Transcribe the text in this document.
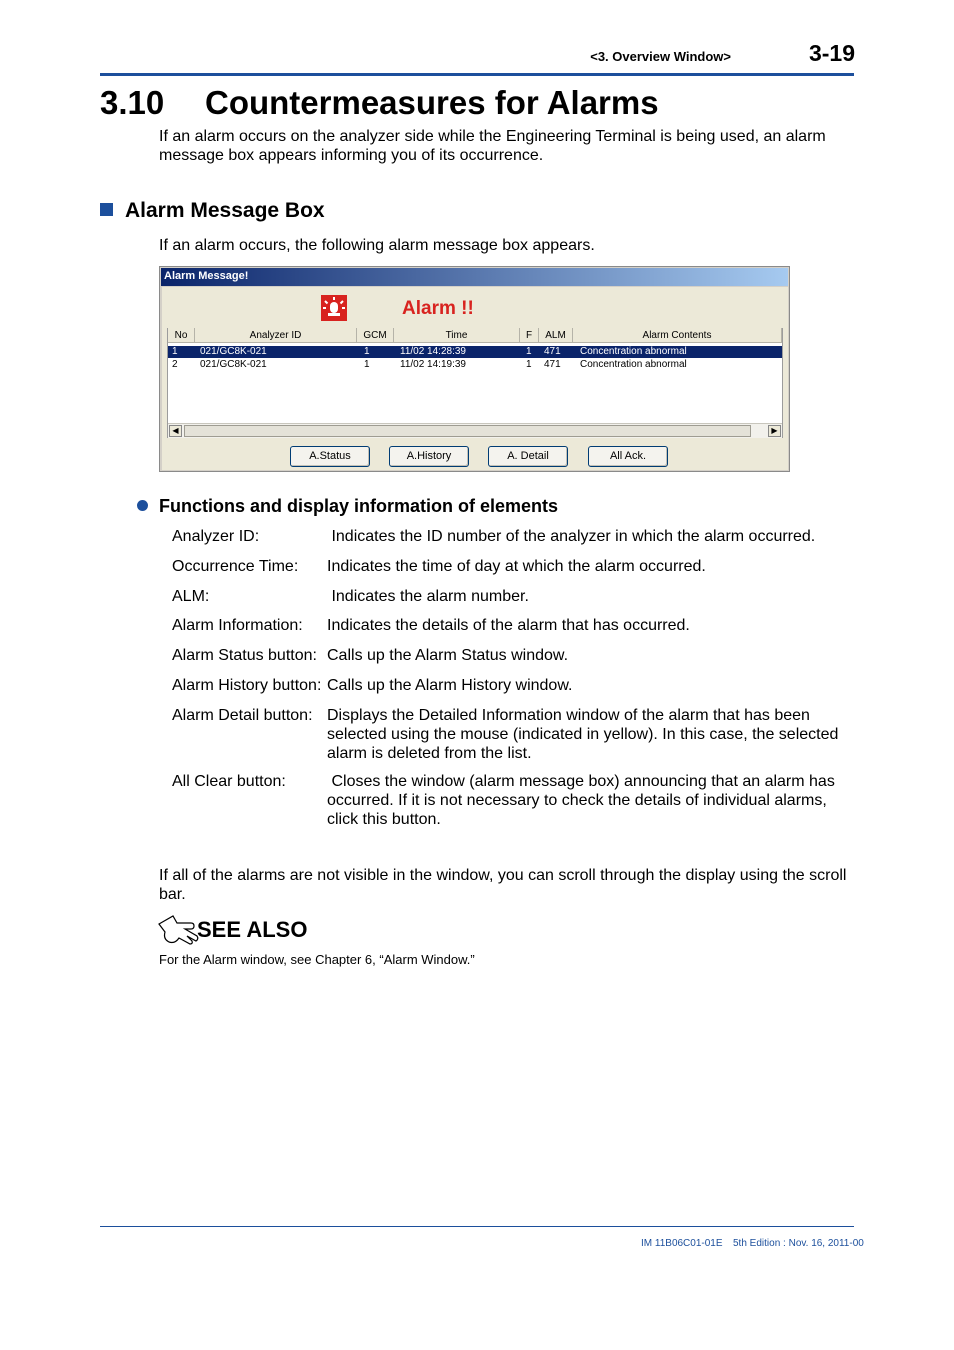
<3. Overview Window>	3-19
3.10 Countermeasures for Alarms
If an alarm occurs on the analyzer side while the Engineering Terminal is being used, an alarm message box appears informing you of its occurrence.
Alarm Message Box
If an alarm occurs, the following alarm message box appears.
Alarm Message!
Alarm !!
No	Analyzer ID	GCM	Time	F	ALM	Alarm Contents
1 021/GC8K-021	1	11/02 14:28:39	1 471 Concentration abnormal
2 021/GC8K-021	1	11/02 14:19:39	1 471 Concentration abnormal
◀	▶
A.Status	A.History	A. Detail	All Ack.
Functions and display information of elements
Analyzer ID:	Indicates the ID number of the analyzer in which the alarm occurred.
Occurrence Time: Indicates the time of day at which the alarm occurred.
ALM:	Indicates the alarm number.
Alarm Information: Indicates the details of the alarm that has occurred.
Alarm Status button: Calls up the Alarm Status window.
Alarm History button: Calls up the Alarm History window.
Alarm Detail button: Displays the Detailed Information window of the alarm that has been selected using the mouse (indicated in yellow). In this case, the selected alarm is deleted from the list.
All Clear button:	Closes the window (alarm message box) announcing that an alarm has occurred. If it is not necessary to check the details of individual alarms, click this button.
If all of the alarms are not visible in the window, you can scroll through the display using the scroll bar.
SEE ALSO
For the Alarm window, see Chapter 6, “Alarm Window.”
IM 11B06C01-01E 5th Edition : Nov. 16, 2011-00
